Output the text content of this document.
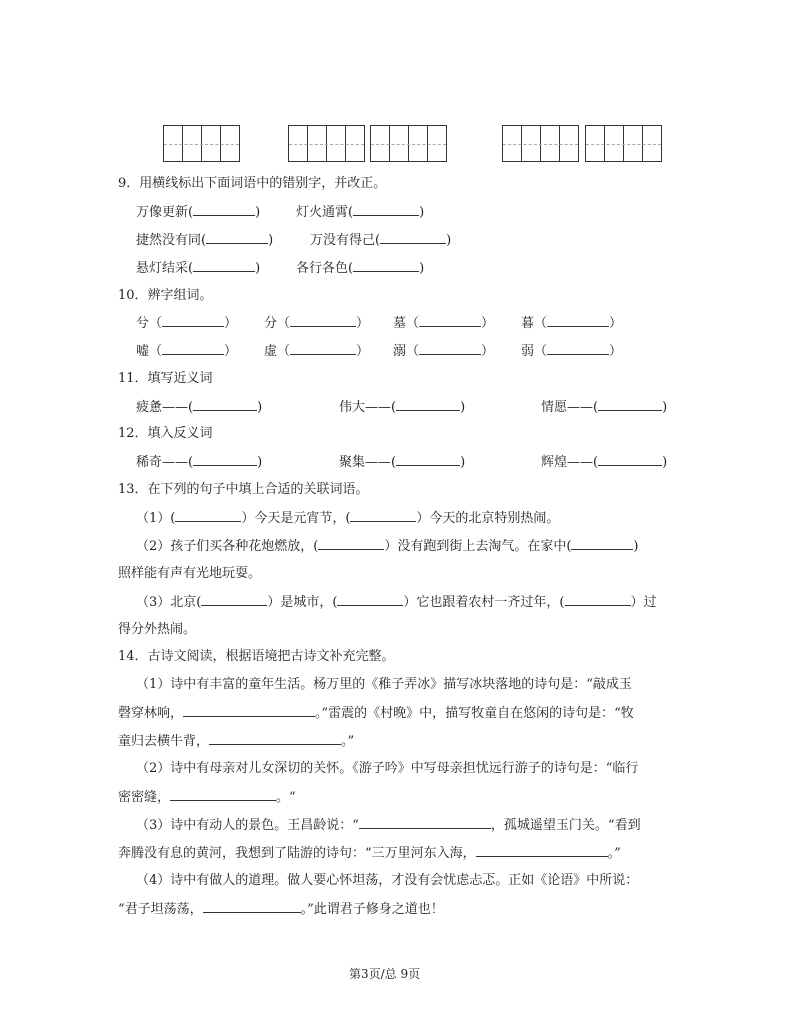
9．用横线标出下面词语中的错别字，并改正。
万像更新(	)	灯火通霄(	)
捷然没有同(	)	万没有得己(	)
悬灯结采(	)	各行各色(	)
10．辨字组词。
兮（	） 分（	） 墓（	） 暮（	）
嘘（	） 虚（	） 溺（	） 弱（	）
11．填写近义词
疲惫——(	)	伟大——(	)	情愿——(	)
12．填入反义词
稀奇——(	)	聚集——(	)	辉煌——(	)
13．在下列的句子中填上合适的关联词语。
（1）(	）今天是元宵节，(	）今天的北京特别热闹。
（2）孩子们买各种花炮燃放，(	）没有跑到街上去淘气。在家中(	)
照样能有声有光地玩耍。
（3）北京(	）是城市，(	）它也跟着农村一齐过年，(	）过
得分外热闹。
14．古诗文阅读，根据语境把古诗文补充完整。
（1）诗中有丰富的童年生活。杨万里的《稚子弄冰》描写冰块落地的诗句是：“敲成玉
磬穿林响，	。”雷震的《村晚》中，描写牧童自在悠闲的诗句是：“牧
童归去横牛背，	。”
（2）诗中有母亲对儿女深切的关怀。《游子吟》中写母亲担忧远行游子的诗句是：“临行
密密缝，	。“
（3）诗中有动人的景色。王昌龄说：“	，孤城遥望玉门关。“看到
奔腾没有息的黄河，我想到了陆游的诗句：“三万里河东入海，	。”
（4）诗中有做人的道理。做人要心怀坦荡，才没有会忧虑忐忑。正如《论语》中所说：
“君子坦荡荡，	。”此谓君子修身之道也！
第3页/总 9页
